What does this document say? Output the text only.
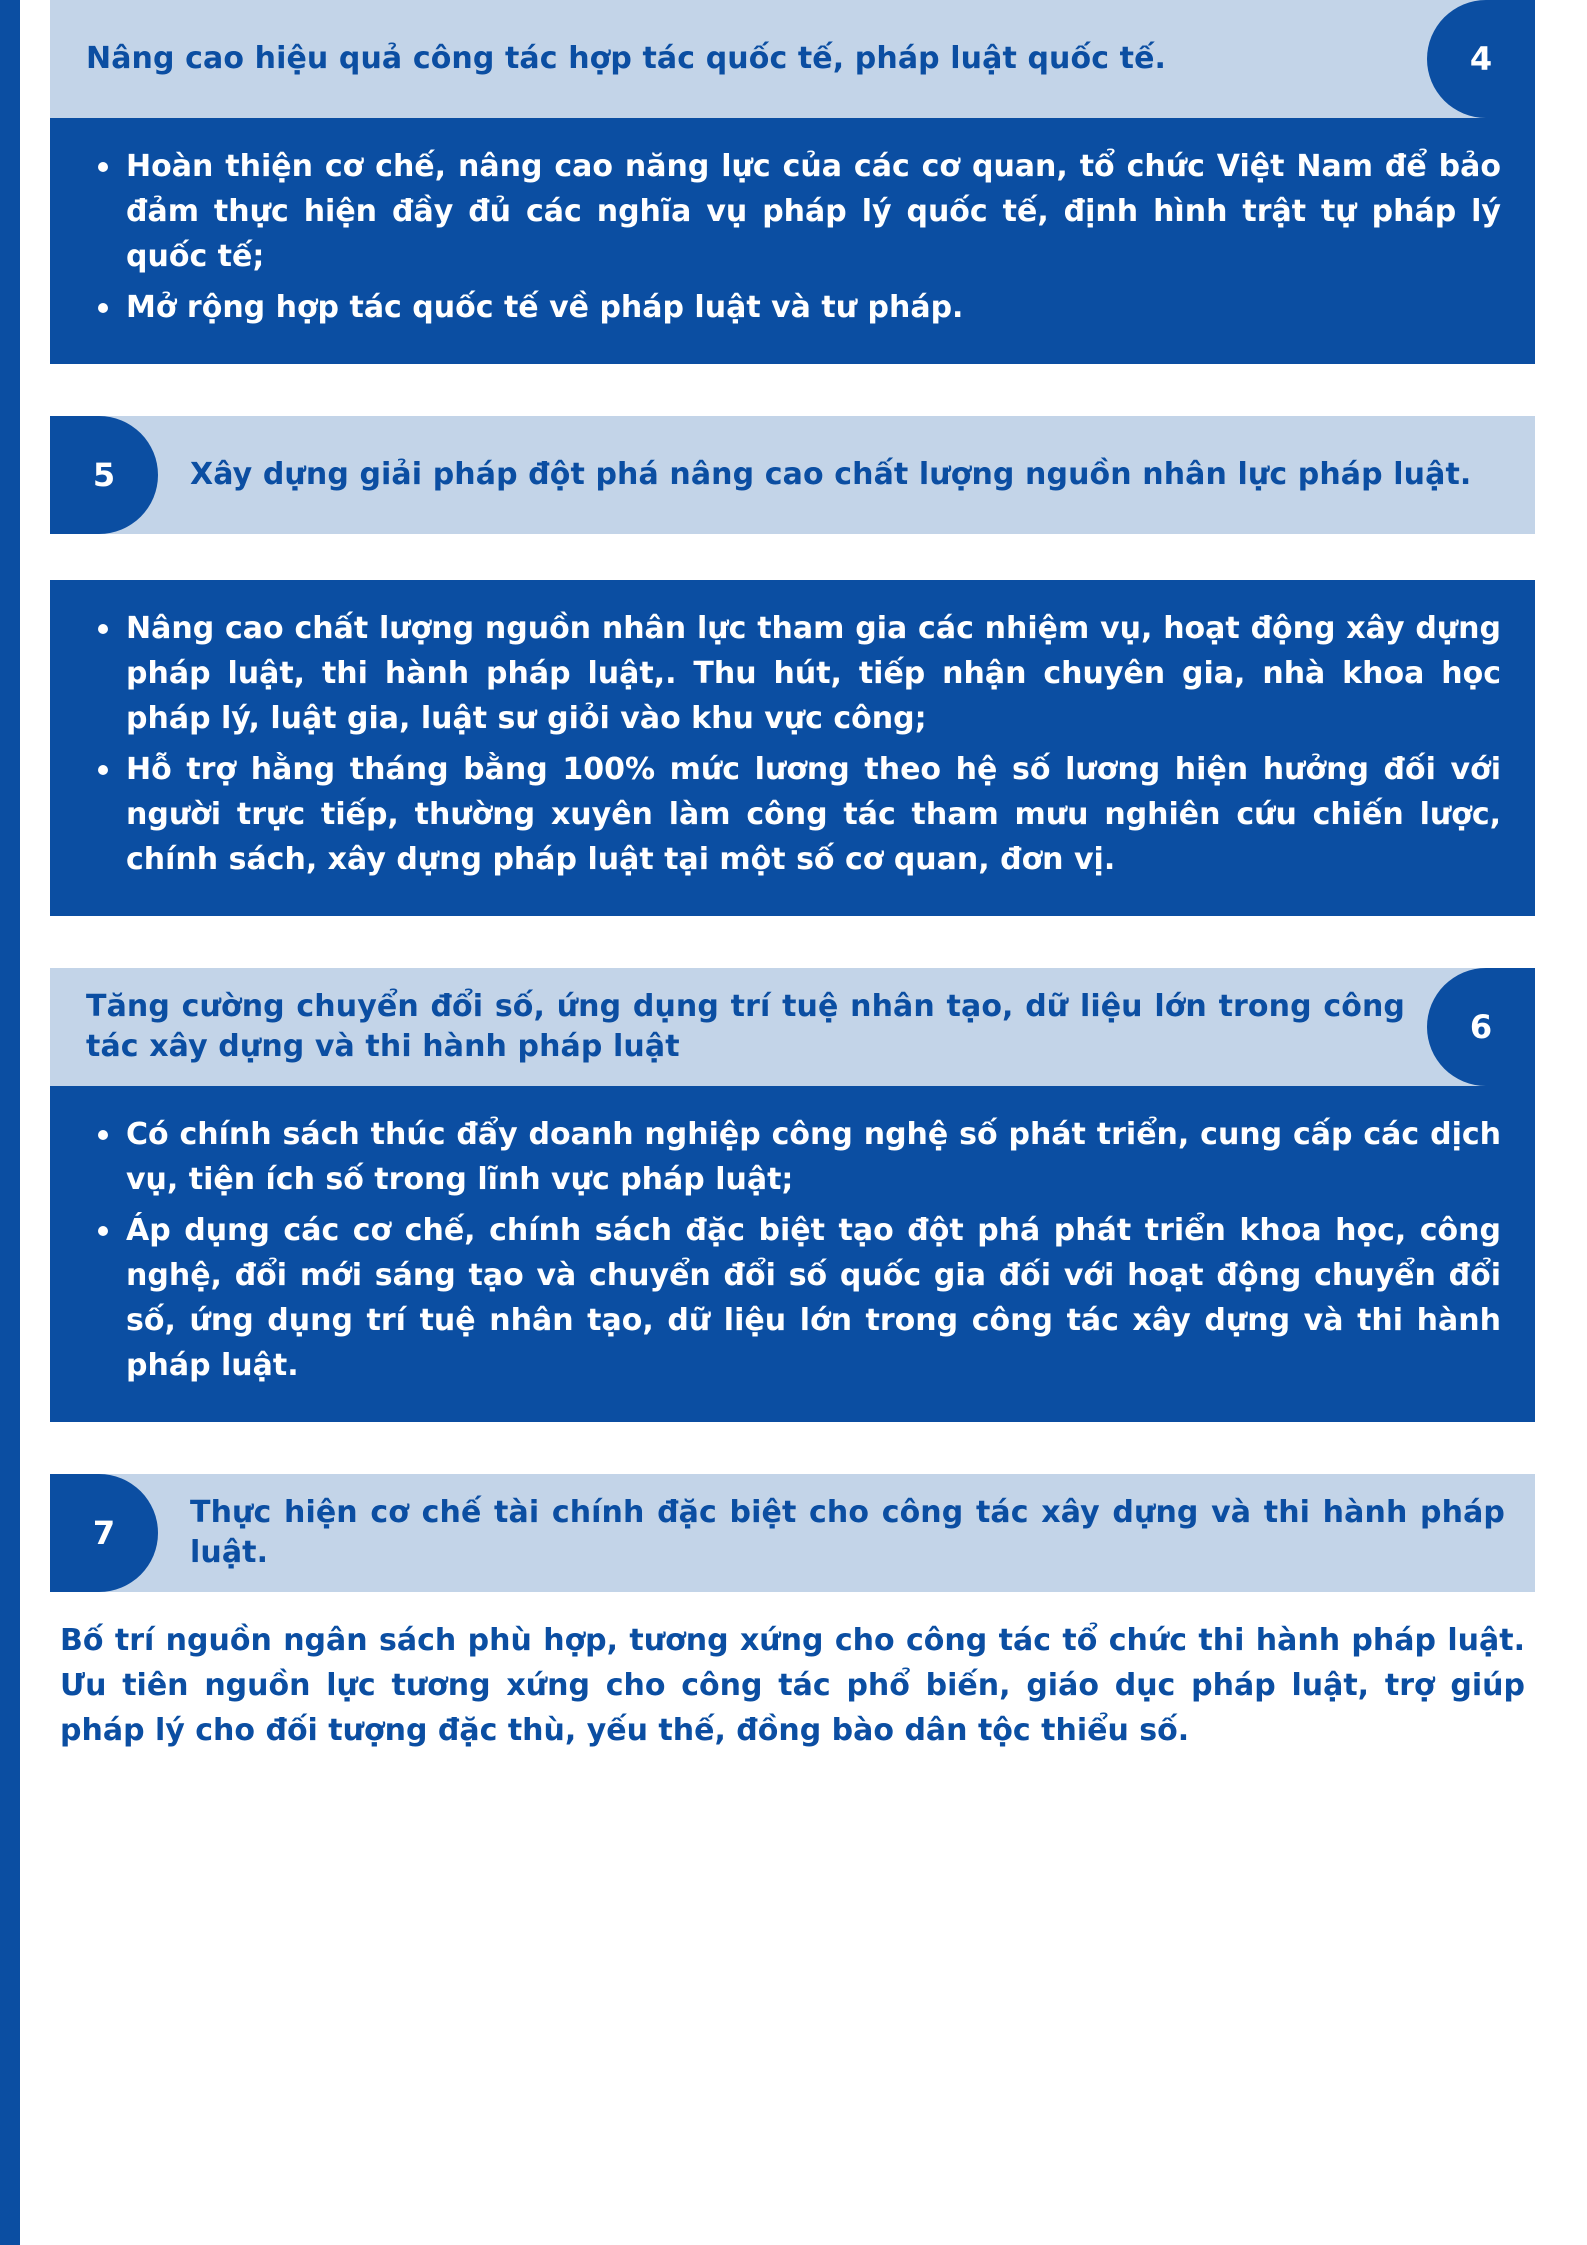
Nâng cao hiệu quả công tác hợp tác quốc tế, pháp luật quốc tế.	4
Hoàn thiện cơ chế, nâng cao năng lực của các cơ quan, tổ chức Việt Nam để bảo đảm thực hiện đầy đủ các nghĩa vụ pháp lý quốc tế, định hình trật tự pháp lý quốc tế;
Mở rộng hợp tác quốc tế về pháp luật và tư pháp.
5	Xây dựng giải pháp đột phá nâng cao chất lượng nguồn nhân lực pháp luật.
Nâng cao chất lượng nguồn nhân lực tham gia các nhiệm vụ, hoạt động xây dựng pháp luật, thi hành pháp luật,. Thu hút, tiếp nhận chuyên gia, nhà khoa học pháp lý, luật gia, luật sư giỏi vào khu vực công;
Hỗ trợ hằng tháng bằng 100% mức lương theo hệ số lương hiện hưởng đối với người trực tiếp, thường xuyên làm công tác tham mưu nghiên cứu chiến lược, chính sách, xây dựng pháp luật tại một số cơ quan, đơn vị.
Tăng cường chuyển đổi số, ứng dụng trí tuệ nhân tạo, dữ liệu lớn trong công tác xây dựng và thi hành pháp luật
6
Có chính sách thúc đẩy doanh nghiệp công nghệ số phát triển, cung cấp các dịch vụ, tiện ích số trong lĩnh vực pháp luật;
Áp dụng các cơ chế, chính sách đặc biệt tạo đột phá phát triển khoa học, công nghệ, đổi mới sáng tạo và chuyển đổi số quốc gia đối với hoạt động chuyển đổi số, ứng dụng trí tuệ nhân tạo, dữ liệu lớn trong công tác xây dựng và thi hành pháp luật.
7
Thực hiện cơ chế tài chính đặc biệt cho công tác xây dựng và thi hành pháp luật.

Bố trí nguồn ngân sách phù hợp, tương xứng cho công tác tổ chức thi hành pháp luật. Ưu tiên nguồn lực tương xứng cho công tác phổ biến, giáo dục pháp luật, trợ giúp pháp lý cho đối tượng đặc thù, yếu thế, đồng bào dân tộc thiểu số.
